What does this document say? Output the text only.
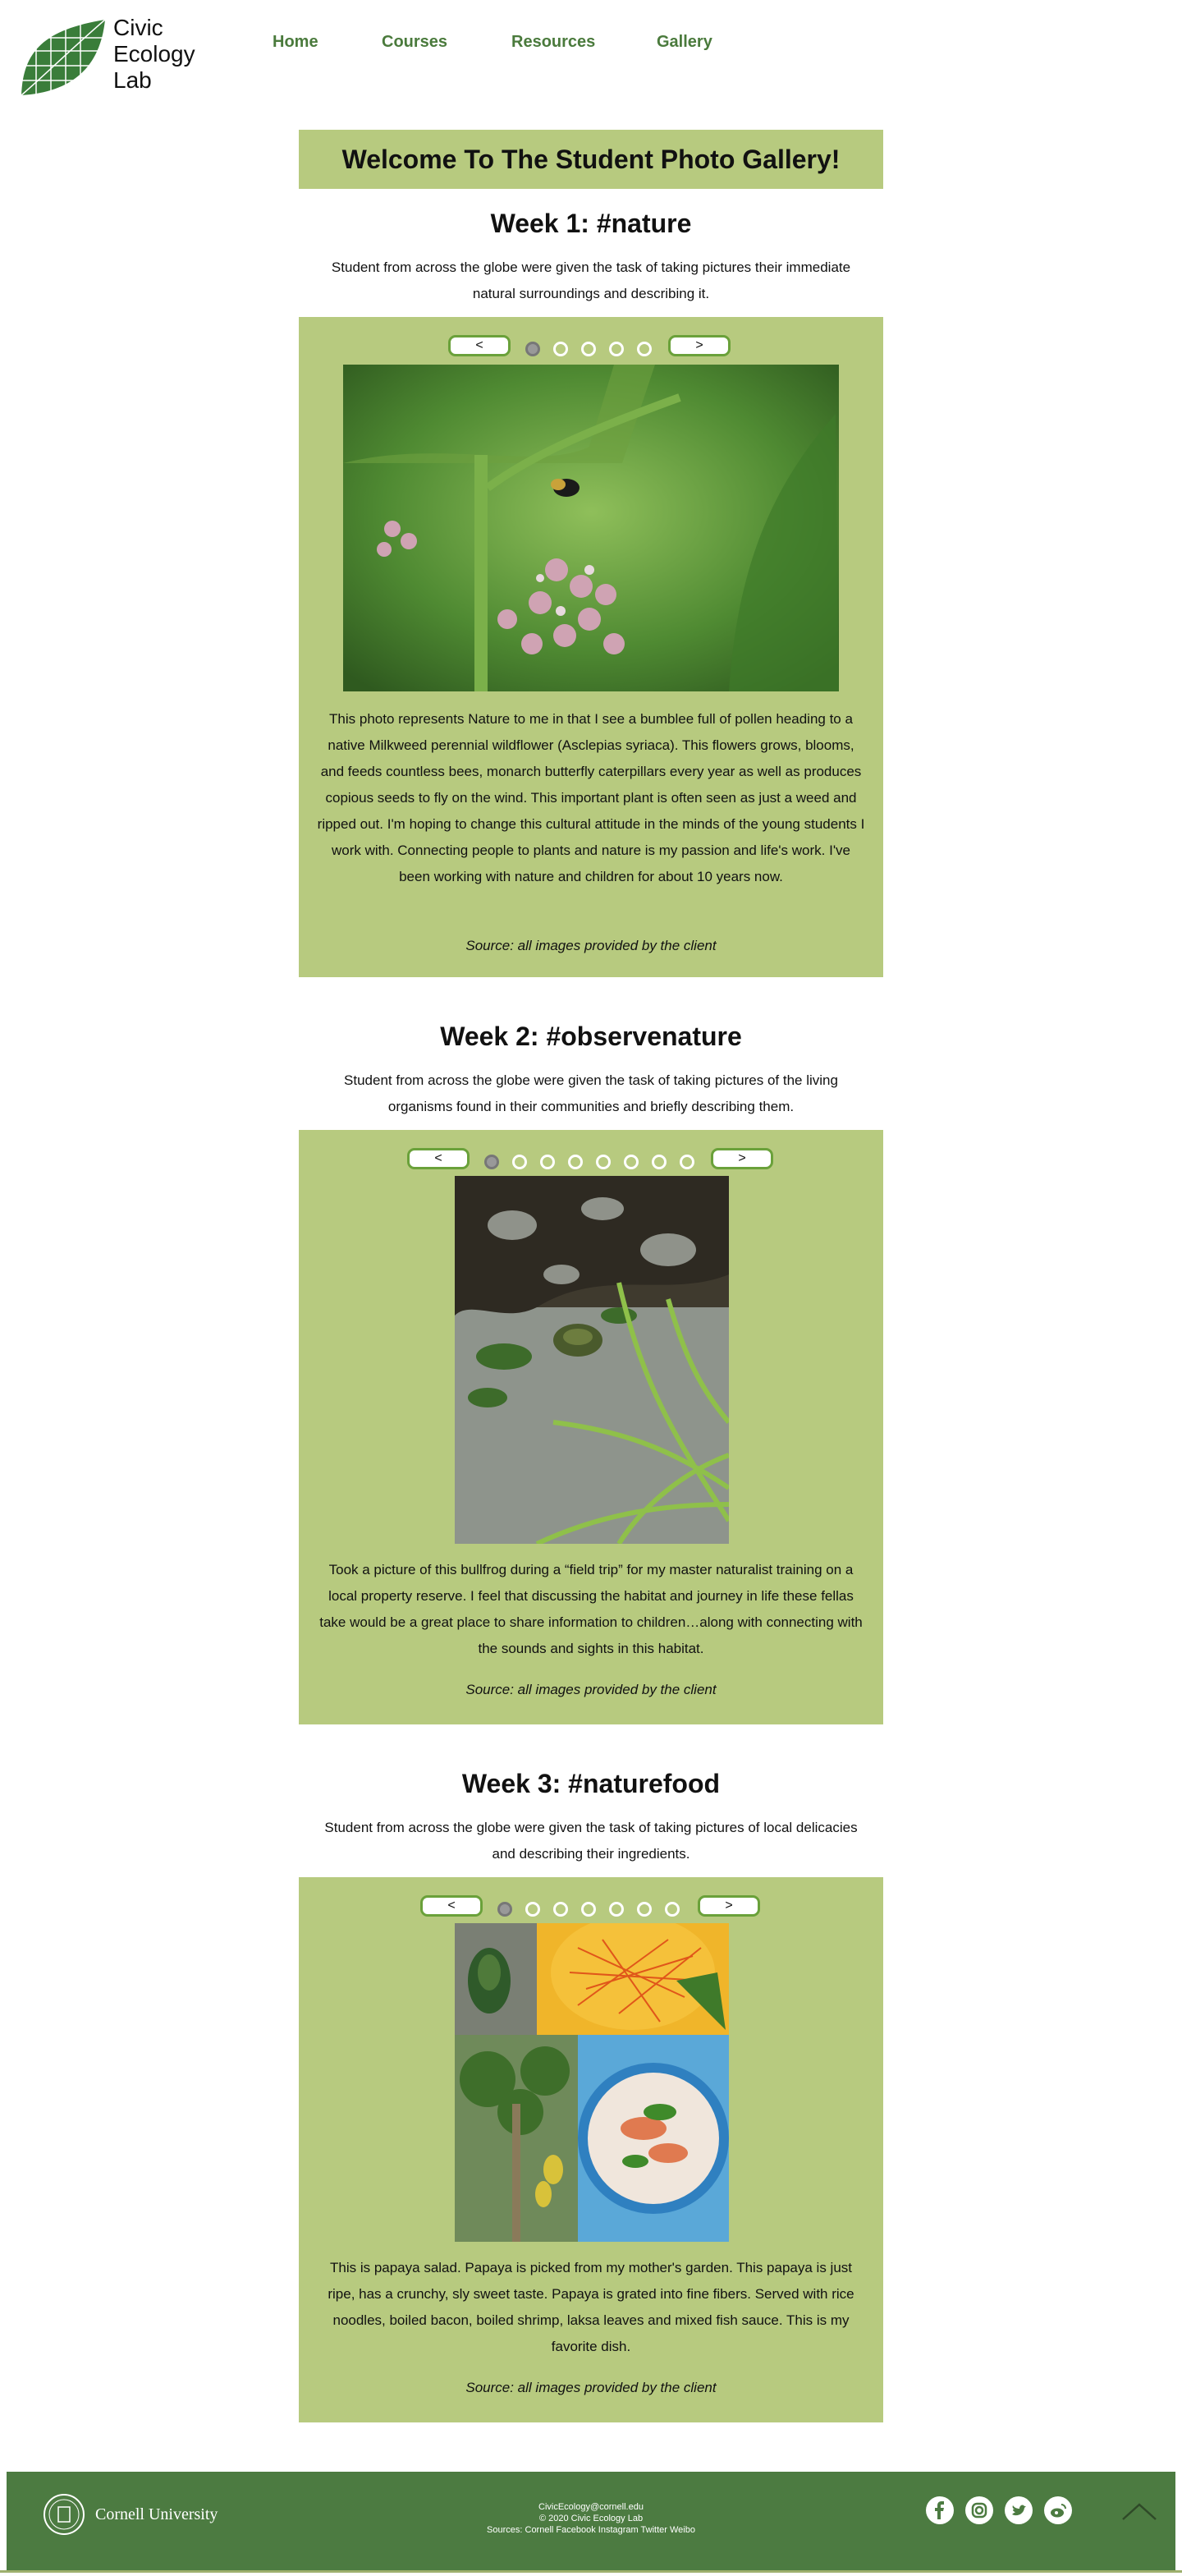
Civic
Ecology
Lab
Home	Courses	Resources	Gallery
Welcome To The Student Photo Gallery!
Week 1: #nature
Student from across the globe were given the task of taking pictures their immediate natural surroundings and describing it.
<	>
This photo represents Nature to me in that I see a bumblee full of pollen heading to a native Milkweed perennial wildflower (Asclepias syriaca). This flowers grows, blooms, and feeds countless bees, monarch butterfly caterpillars every year as well as produces copious seeds to fly on the wind. This important plant is often seen as just a weed and ripped out. I'm hoping to change this cultural attitude in the minds of the young students I work with. Connecting people to plants and nature is my passion and life's work. I've been working with nature and children for about 10 years now.
Source: all images provided by the client
Week 2: #observenature
Student from across the globe were given the task of taking pictures of the living organisms found in their communities and briefly describing them.
<	>
Took a picture of this bullfrog during a “field trip” for my master naturalist training on a local property reserve. I feel that discussing the habitat and journey in life these fellas take would be a great place to share information to children…along with connecting with the sounds and sights in this habitat.
Source: all images provided by the client
Week 3: #naturefood
Student from across the globe were given the task of taking pictures of local delicacies and describing their ingredients.
<	>
This is papaya salad. Papaya is picked from my mother's garden. This papaya is just ripe, has a crunchy, sly sweet taste. Papaya is grated into fine fibers. Served with rice noodles, boiled bacon, boiled shrimp, laksa leaves and mixed fish sauce. This is my favorite dish.
Source: all images provided by the client
Cornell University	CivicEcology@cornell.edu
© 2020 Civic Ecology Lab
Sources: Cornell Facebook Instagram Twitter Weibo
